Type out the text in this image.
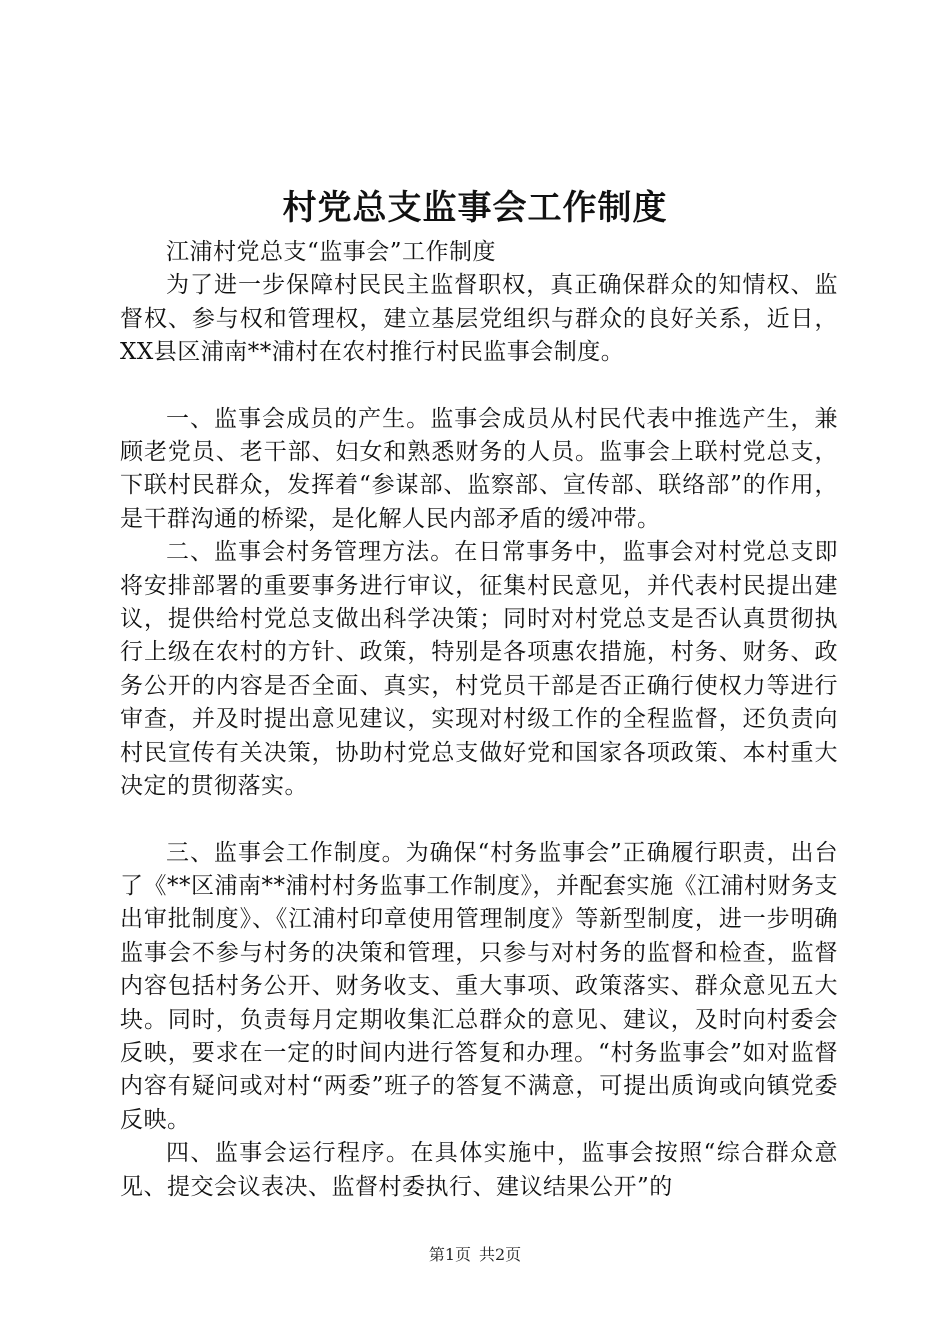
村党总支监事会工作制度

江浦村党总支“监事会”工作制度

为了进一步保障村民民主监督职权，真正确保群众的知情权、监督权、参与权和管理权，建立基层党组织与群众的良好关系，近日，XX县区浦南**浦村在农村推行村民监事会制度。

一、监事会成员的产生。监事会成员从村民代表中推选产生，兼顾老党员、老干部、妇女和熟悉财务的人员。监事会上联村党总支，下联村民群众，发挥着“参谋部、监察部、宣传部、联络部”的作用，是干群沟通的桥梁，是化解人民内部矛盾的缓冲带。

二、监事会村务管理方法。在日常事务中，监事会对村党总支即将安排部署的重要事务进行审议，征集村民意见，并代表村民提出建议，提供给村党总支做出科学决策；同时对村党总支是否认真贯彻执行上级在农村的方针、政策，特别是各项惠农措施，村务、财务、政务公开的内容是否全面、真实，村党员干部是否正确行使权力等进行审查，并及时提出意见建议，实现对村级工作的全程监督，还负责向村民宣传有关决策，协助村党总支做好党和国家各项政策、本村重大决定的贯彻落实。

三、监事会工作制度。为确保“村务监事会”正确履行职责，出台了《**区浦南**浦村村务监事工作制度》，并配套实施《江浦村财务支出审批制度》、《江浦村印章使用管理制度》等新型制度，进一步明确监事会不参与村务的决策和管理，只参与对村务的监督和检查，监督内容包括村务公开、财务收支、重大事项、政策落实、群众意见五大块。同时，负责每月定期收集汇总群众的意见、建议，及时向村委会反映，要求在一定的时间内进行答复和办理。“村务监事会”如对监督内容有疑问或对村“两委”班子的答复不满意，可提出质询或向镇党委反映。

四、监事会运行程序。在具体实施中，监事会按照“综合群众意见、提交会议表决、监督村委执行、建议结果公开”的

第1页 共2页
